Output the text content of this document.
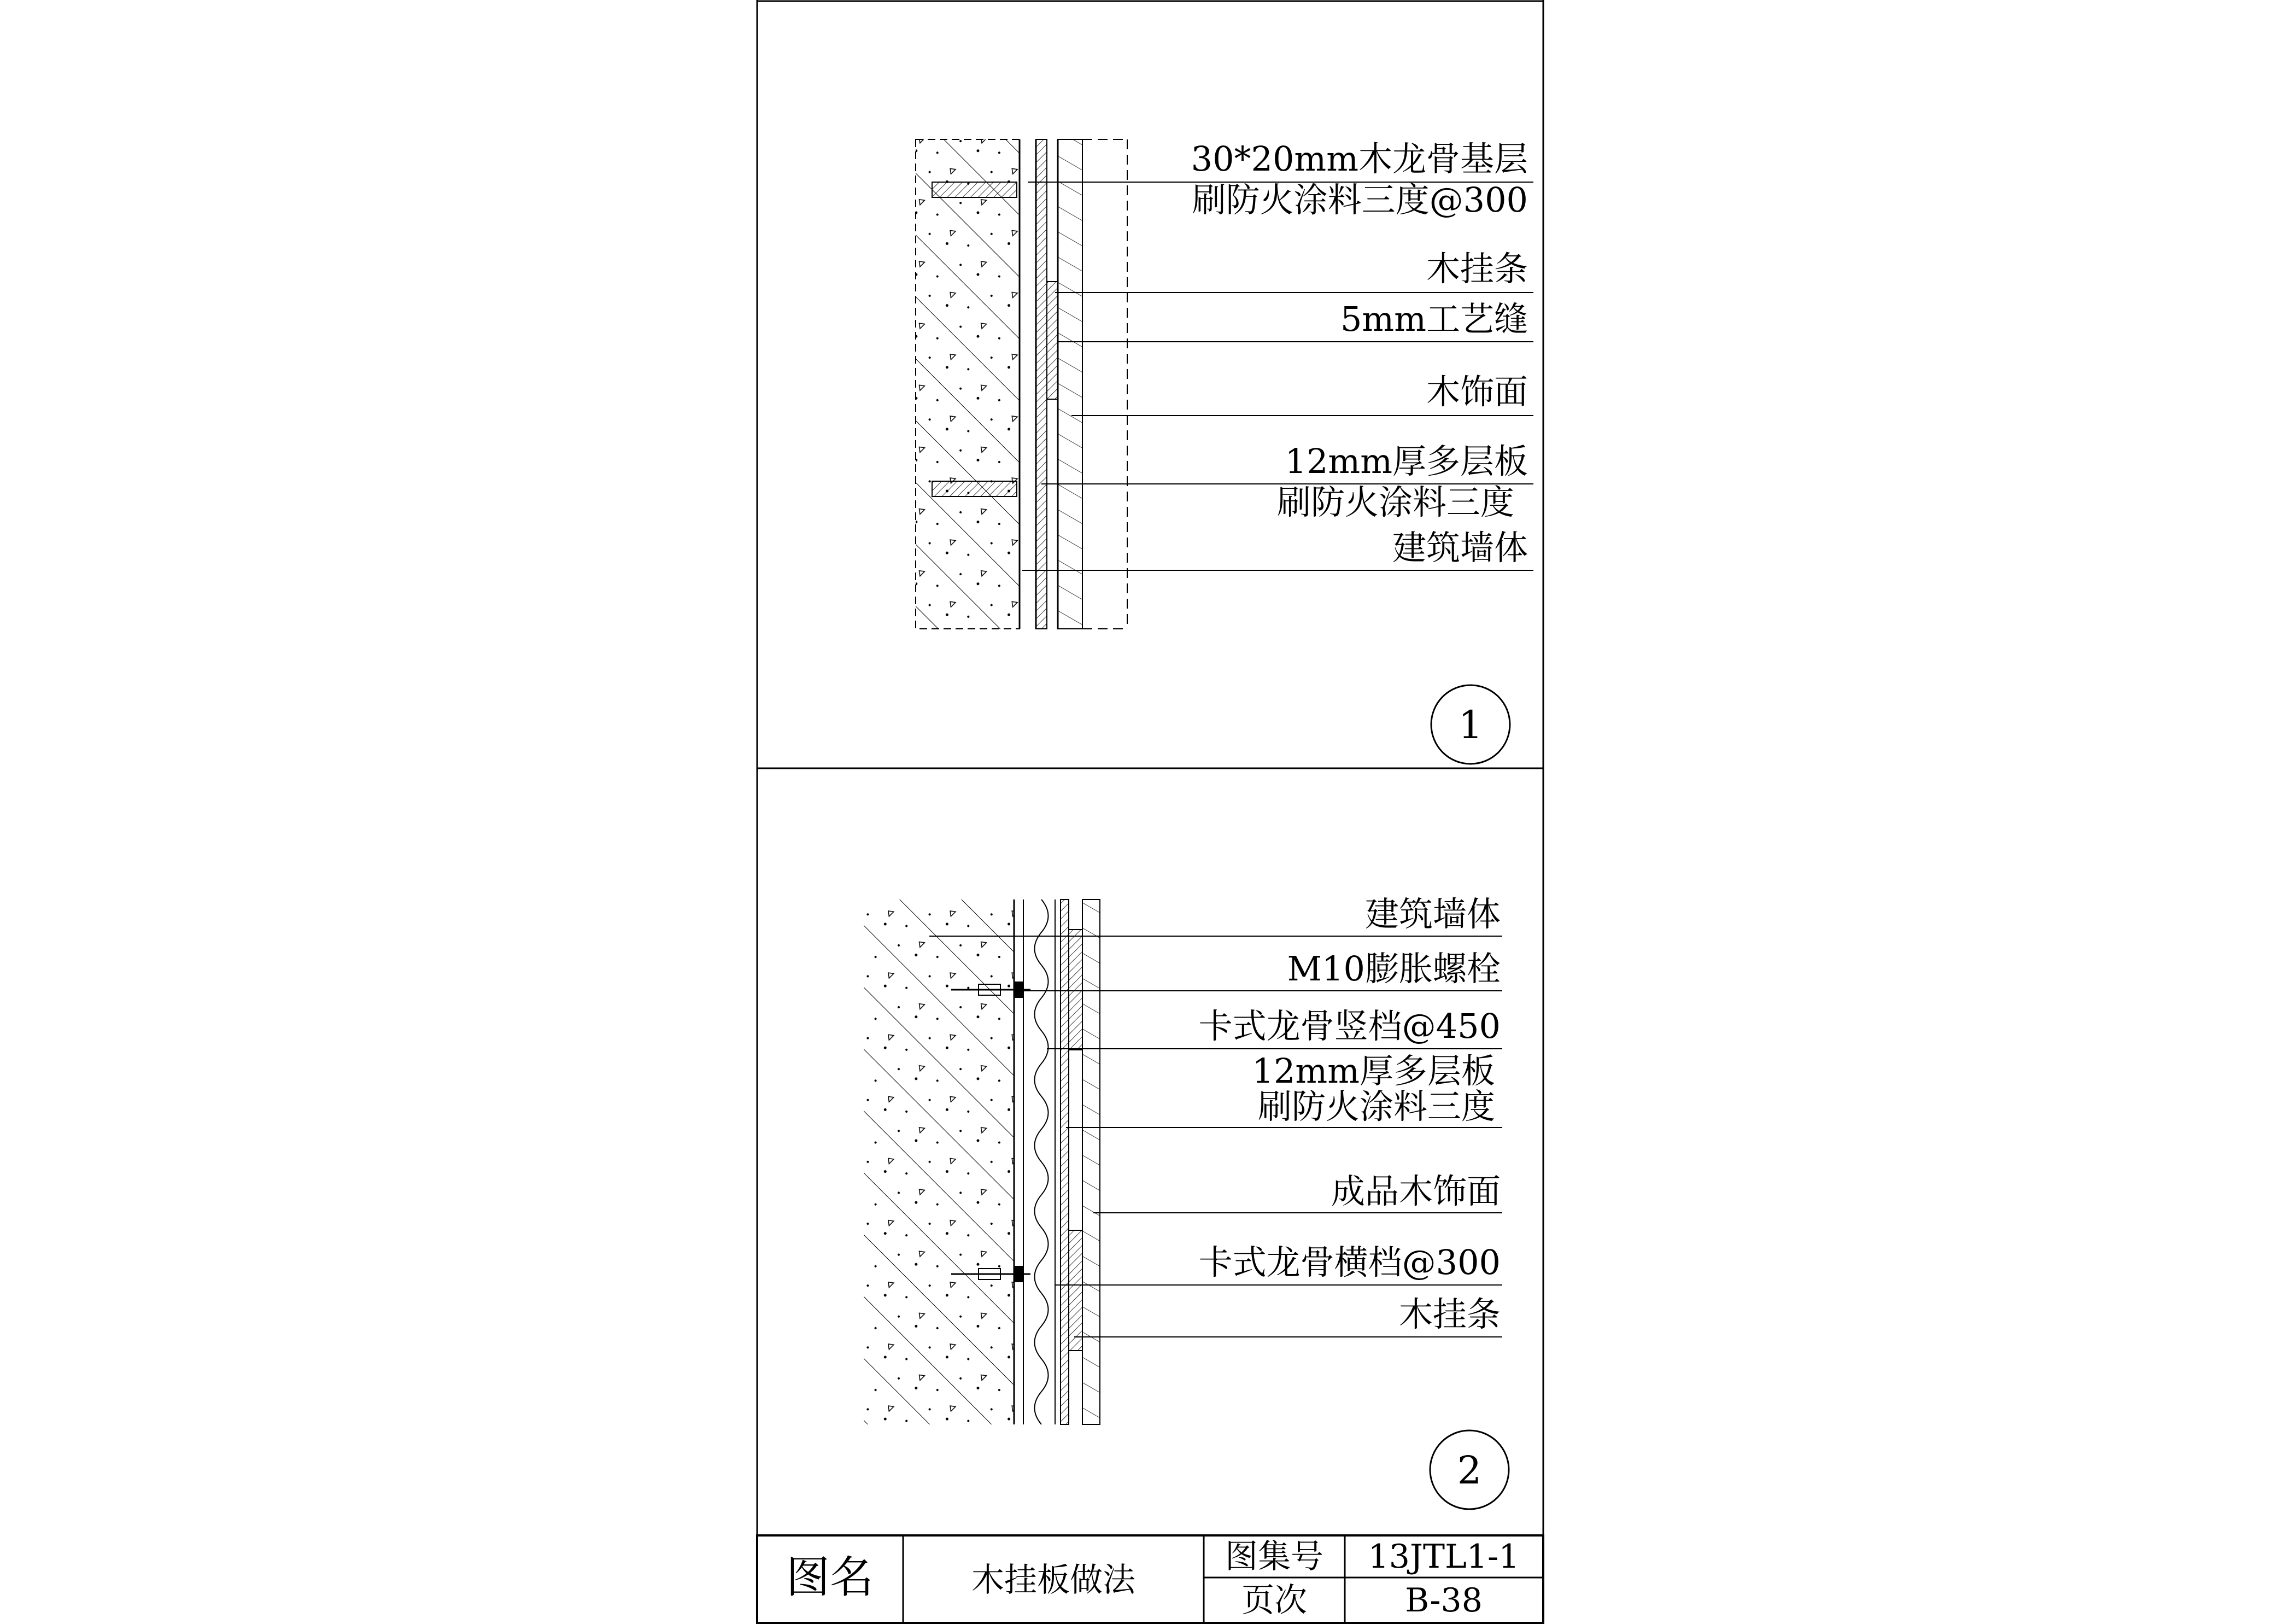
30*20mm木龙骨基层
刷防火涂料三度@300
木挂条
5mm工艺缝
木饰面
12mm厚多层板
刷防火涂料三度
建筑墙体
1
建筑墙体
M10膨胀螺栓
卡式龙骨竖档@450
12mm厚多层板
刷防火涂料三度
成品木饰面
卡式龙骨横档@300
木挂条
2
图名	木挂板做法
图集号 13JTL1-1
页次	B-38
